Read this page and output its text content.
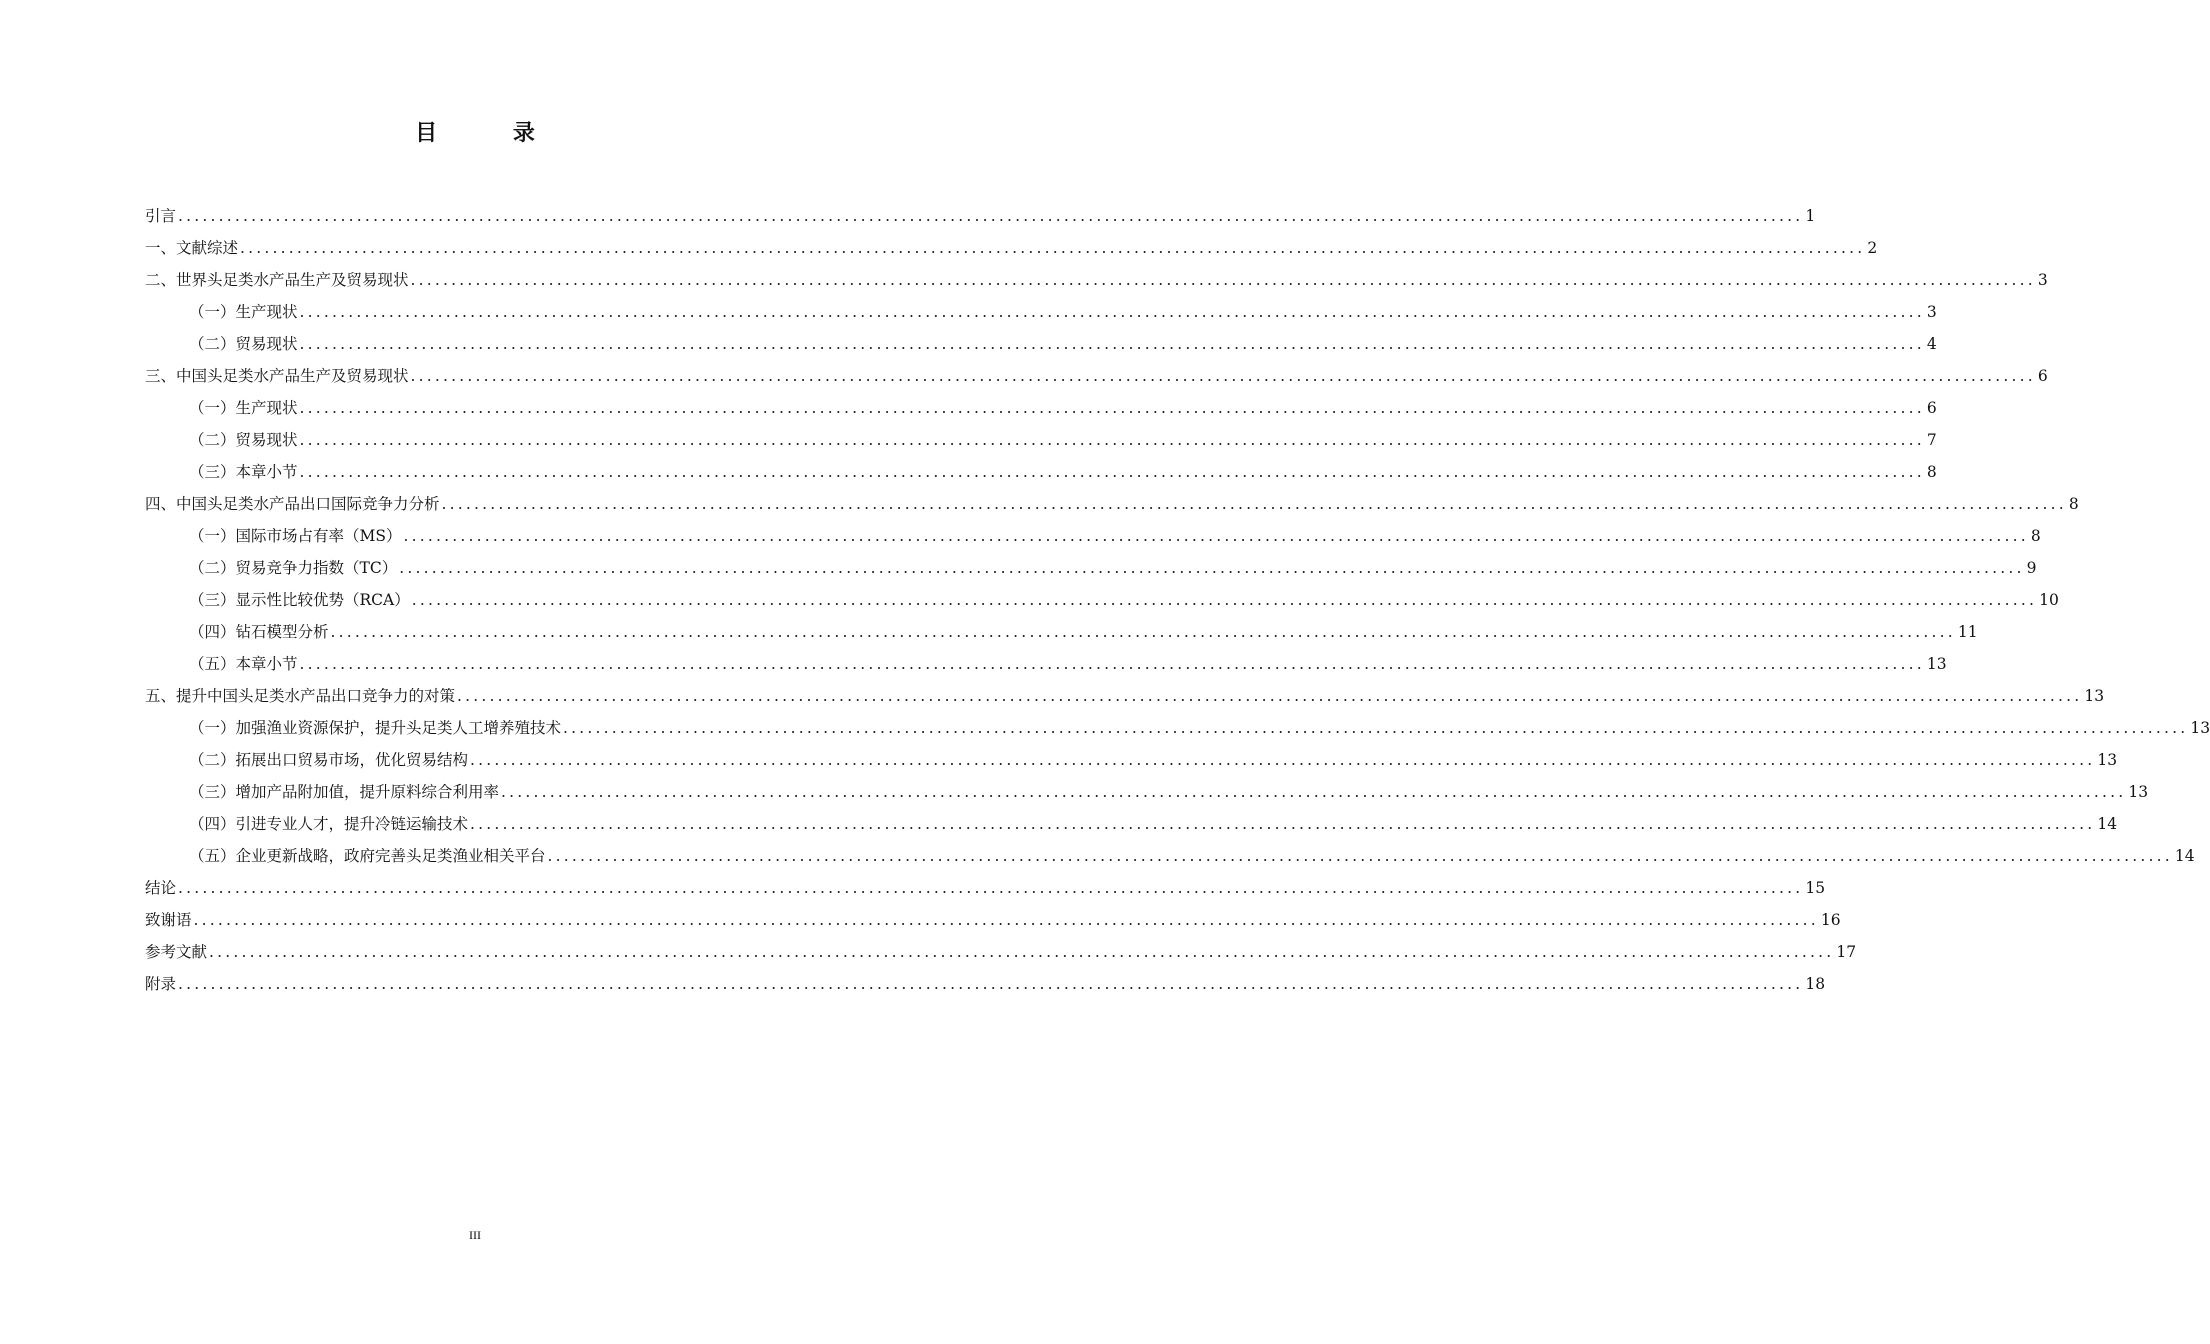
目 录
引言 ........................................................................................................................................................................................................ 1
一、文献综述 ........................................................................................................................................................................................................ 2
二、世界头足类水产品生产及贸易现状 ........................................................................................................................................................................................................ 3
（一）生产现状 ........................................................................................................................................................................................................ 3
（二）贸易现状 ........................................................................................................................................................................................................ 4
三、中国头足类水产品生产及贸易现状 ........................................................................................................................................................................................................ 6
（一）生产现状 ........................................................................................................................................................................................................ 6
（二）贸易现状 ........................................................................................................................................................................................................ 7
（三）本章小节 ........................................................................................................................................................................................................ 8
四、中国头足类水产品出口国际竞争力分析 ........................................................................................................................................................................................................ 8
（一）国际市场占有率（MS） ........................................................................................................................................................................................................ 8
（二）贸易竞争力指数（TC） ........................................................................................................................................................................................................ 9
（三）显示性比较优势（RCA） ........................................................................................................................................................................................................ 10
（四）钻石模型分析 ........................................................................................................................................................................................................ 11
（五）本章小节 ........................................................................................................................................................................................................ 13
五、提升中国头足类水产品出口竞争力的对策 ........................................................................................................................................................................................................ 13
（一）加强渔业资源保护，提升头足类人工增养殖技术 ........................................................................................................................................................................................................ 13
（二）拓展出口贸易市场，优化贸易结构 ........................................................................................................................................................................................................ 13
（三）增加产品附加值，提升原料综合利用率 ........................................................................................................................................................................................................ 13
（四）引进专业人才，提升冷链运输技术 ........................................................................................................................................................................................................ 14
（五）企业更新战略，政府完善头足类渔业相关平台 ........................................................................................................................................................................................................ 14
结论 ........................................................................................................................................................................................................ 15
致谢语 ........................................................................................................................................................................................................ 16
参考文献 ........................................................................................................................................................................................................ 17
附录 ........................................................................................................................................................................................................ 18
III
